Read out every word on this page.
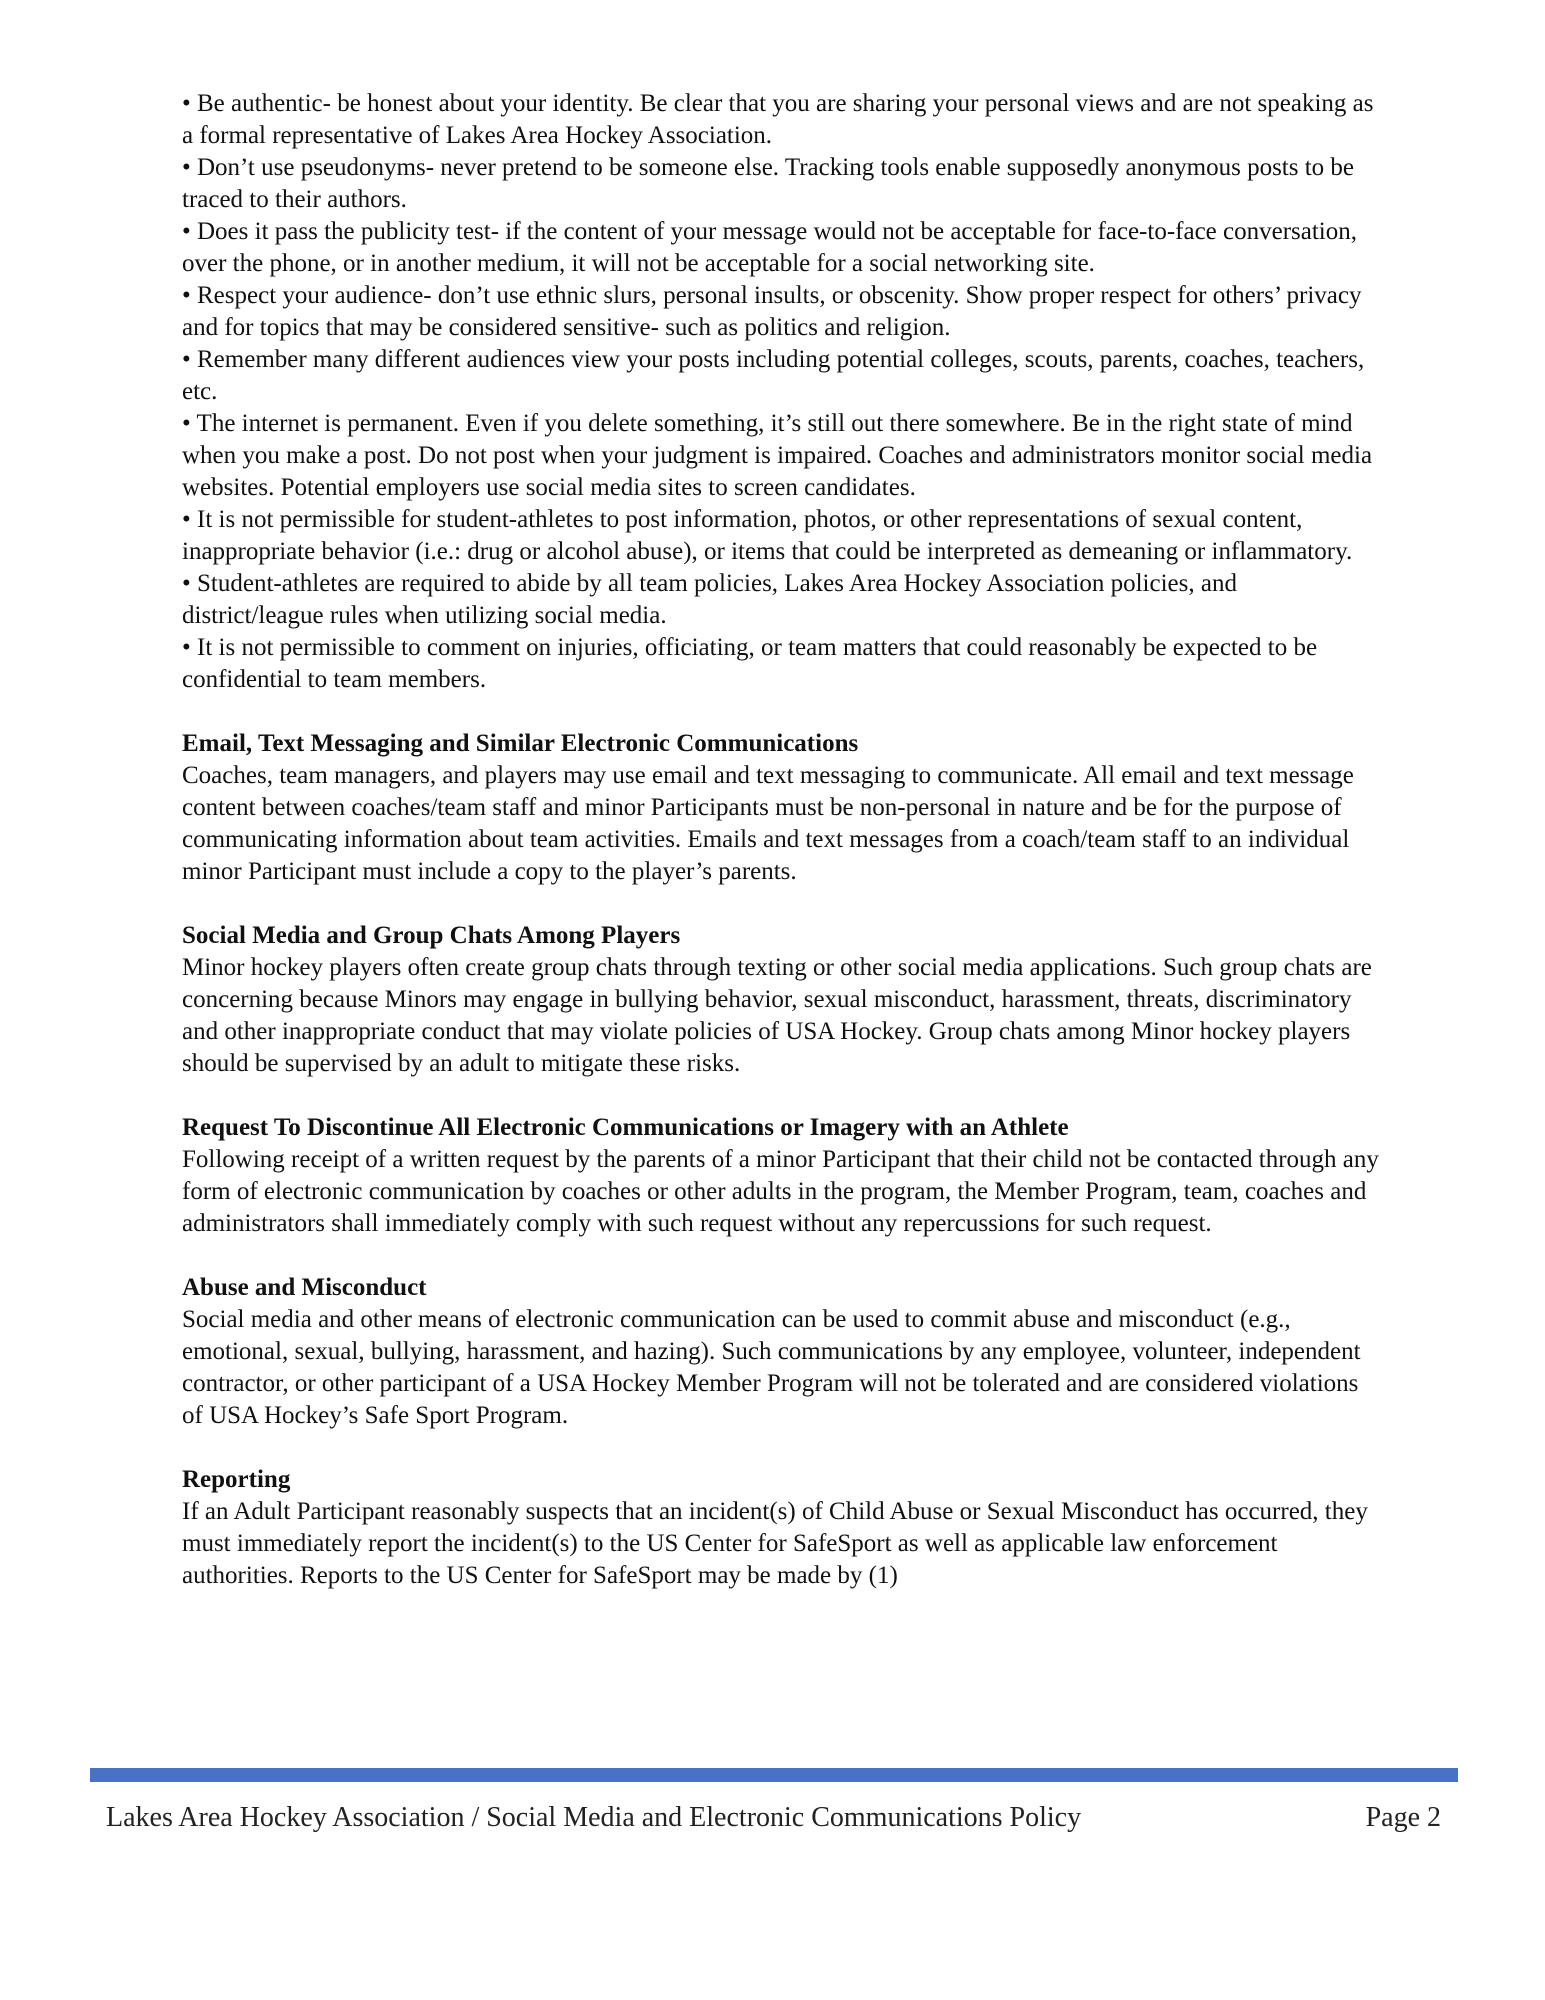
• Be authentic- be honest about your identity. Be clear that you are sharing your personal views and are not speaking as a formal representative of Lakes Area Hockey Association.

• Don’t use pseudonyms- never pretend to be someone else. Tracking tools enable supposedly anonymous posts to be traced to their authors.

• Does it pass the publicity test- if the content of your message would not be acceptable for face-to-face conversation, over the phone, or in another medium, it will not be acceptable for a social networking site.

• Respect your audience- don’t use ethnic slurs, personal insults, or obscenity. Show proper respect for others’ privacy and for topics that may be considered sensitive- such as politics and religion.

• Remember many different audiences view your posts including potential colleges, scouts, parents, coaches, teachers, etc.

• The internet is permanent. Even if you delete something, it’s still out there somewhere. Be in the right state of mind when you make a post. Do not post when your judgment is impaired. Coaches and administrators monitor social media websites. Potential employers use social media sites to screen candidates.

• It is not permissible for student-athletes to post information, photos, or other representations of sexual content, inappropriate behavior (i.e.: drug or alcohol abuse), or items that could be interpreted as demeaning or inflammatory.

• Student-athletes are required to abide by all team policies, Lakes Area Hockey Association policies, and district/league rules when utilizing social media.

• It is not permissible to comment on injuries, officiating, or team matters that could reasonably be expected to be confidential to team members.

Email, Text Messaging and Similar Electronic Communications

Coaches, team managers, and players may use email and text messaging to communicate. All email and text message content between coaches/team staff and minor Participants must be non-personal in nature and be for the purpose of communicating information about team activities. Emails and text messages from a coach/team staff to an individual minor Participant must include a copy to the player’s parents.

Social Media and Group Chats Among Players

Minor hockey players often create group chats through texting or other social media applications. Such group chats are concerning because Minors may engage in bullying behavior, sexual misconduct, harassment, threats, discriminatory and other inappropriate conduct that may violate policies of USA Hockey. Group chats among Minor hockey players should be supervised by an adult to mitigate these risks.

Request To Discontinue All Electronic Communications or Imagery with an Athlete

Following receipt of a written request by the parents of a minor Participant that their child not be contacted through any form of electronic communication by coaches or other adults in the program, the Member Program, team, coaches and administrators shall immediately comply with such request without any repercussions for such request.

Abuse and Misconduct

Social media and other means of electronic communication can be used to commit abuse and misconduct (e.g., emotional, sexual, bullying, harassment, and hazing). Such communications by any employee, volunteer, independent contractor, or other participant of a USA Hockey Member Program will not be tolerated and are considered violations of USA Hockey’s Safe Sport Program.

Reporting

If an Adult Participant reasonably suspects that an incident(s) of Child Abuse or Sexual Misconduct has occurred, they must immediately report the incident(s) to the US Center for SafeSport as well as applicable law enforcement authorities. Reports to the US Center for SafeSport may be made by (1)

Lakes Area Hockey Association / Social Media and Electronic Communications Policy	Page 2
